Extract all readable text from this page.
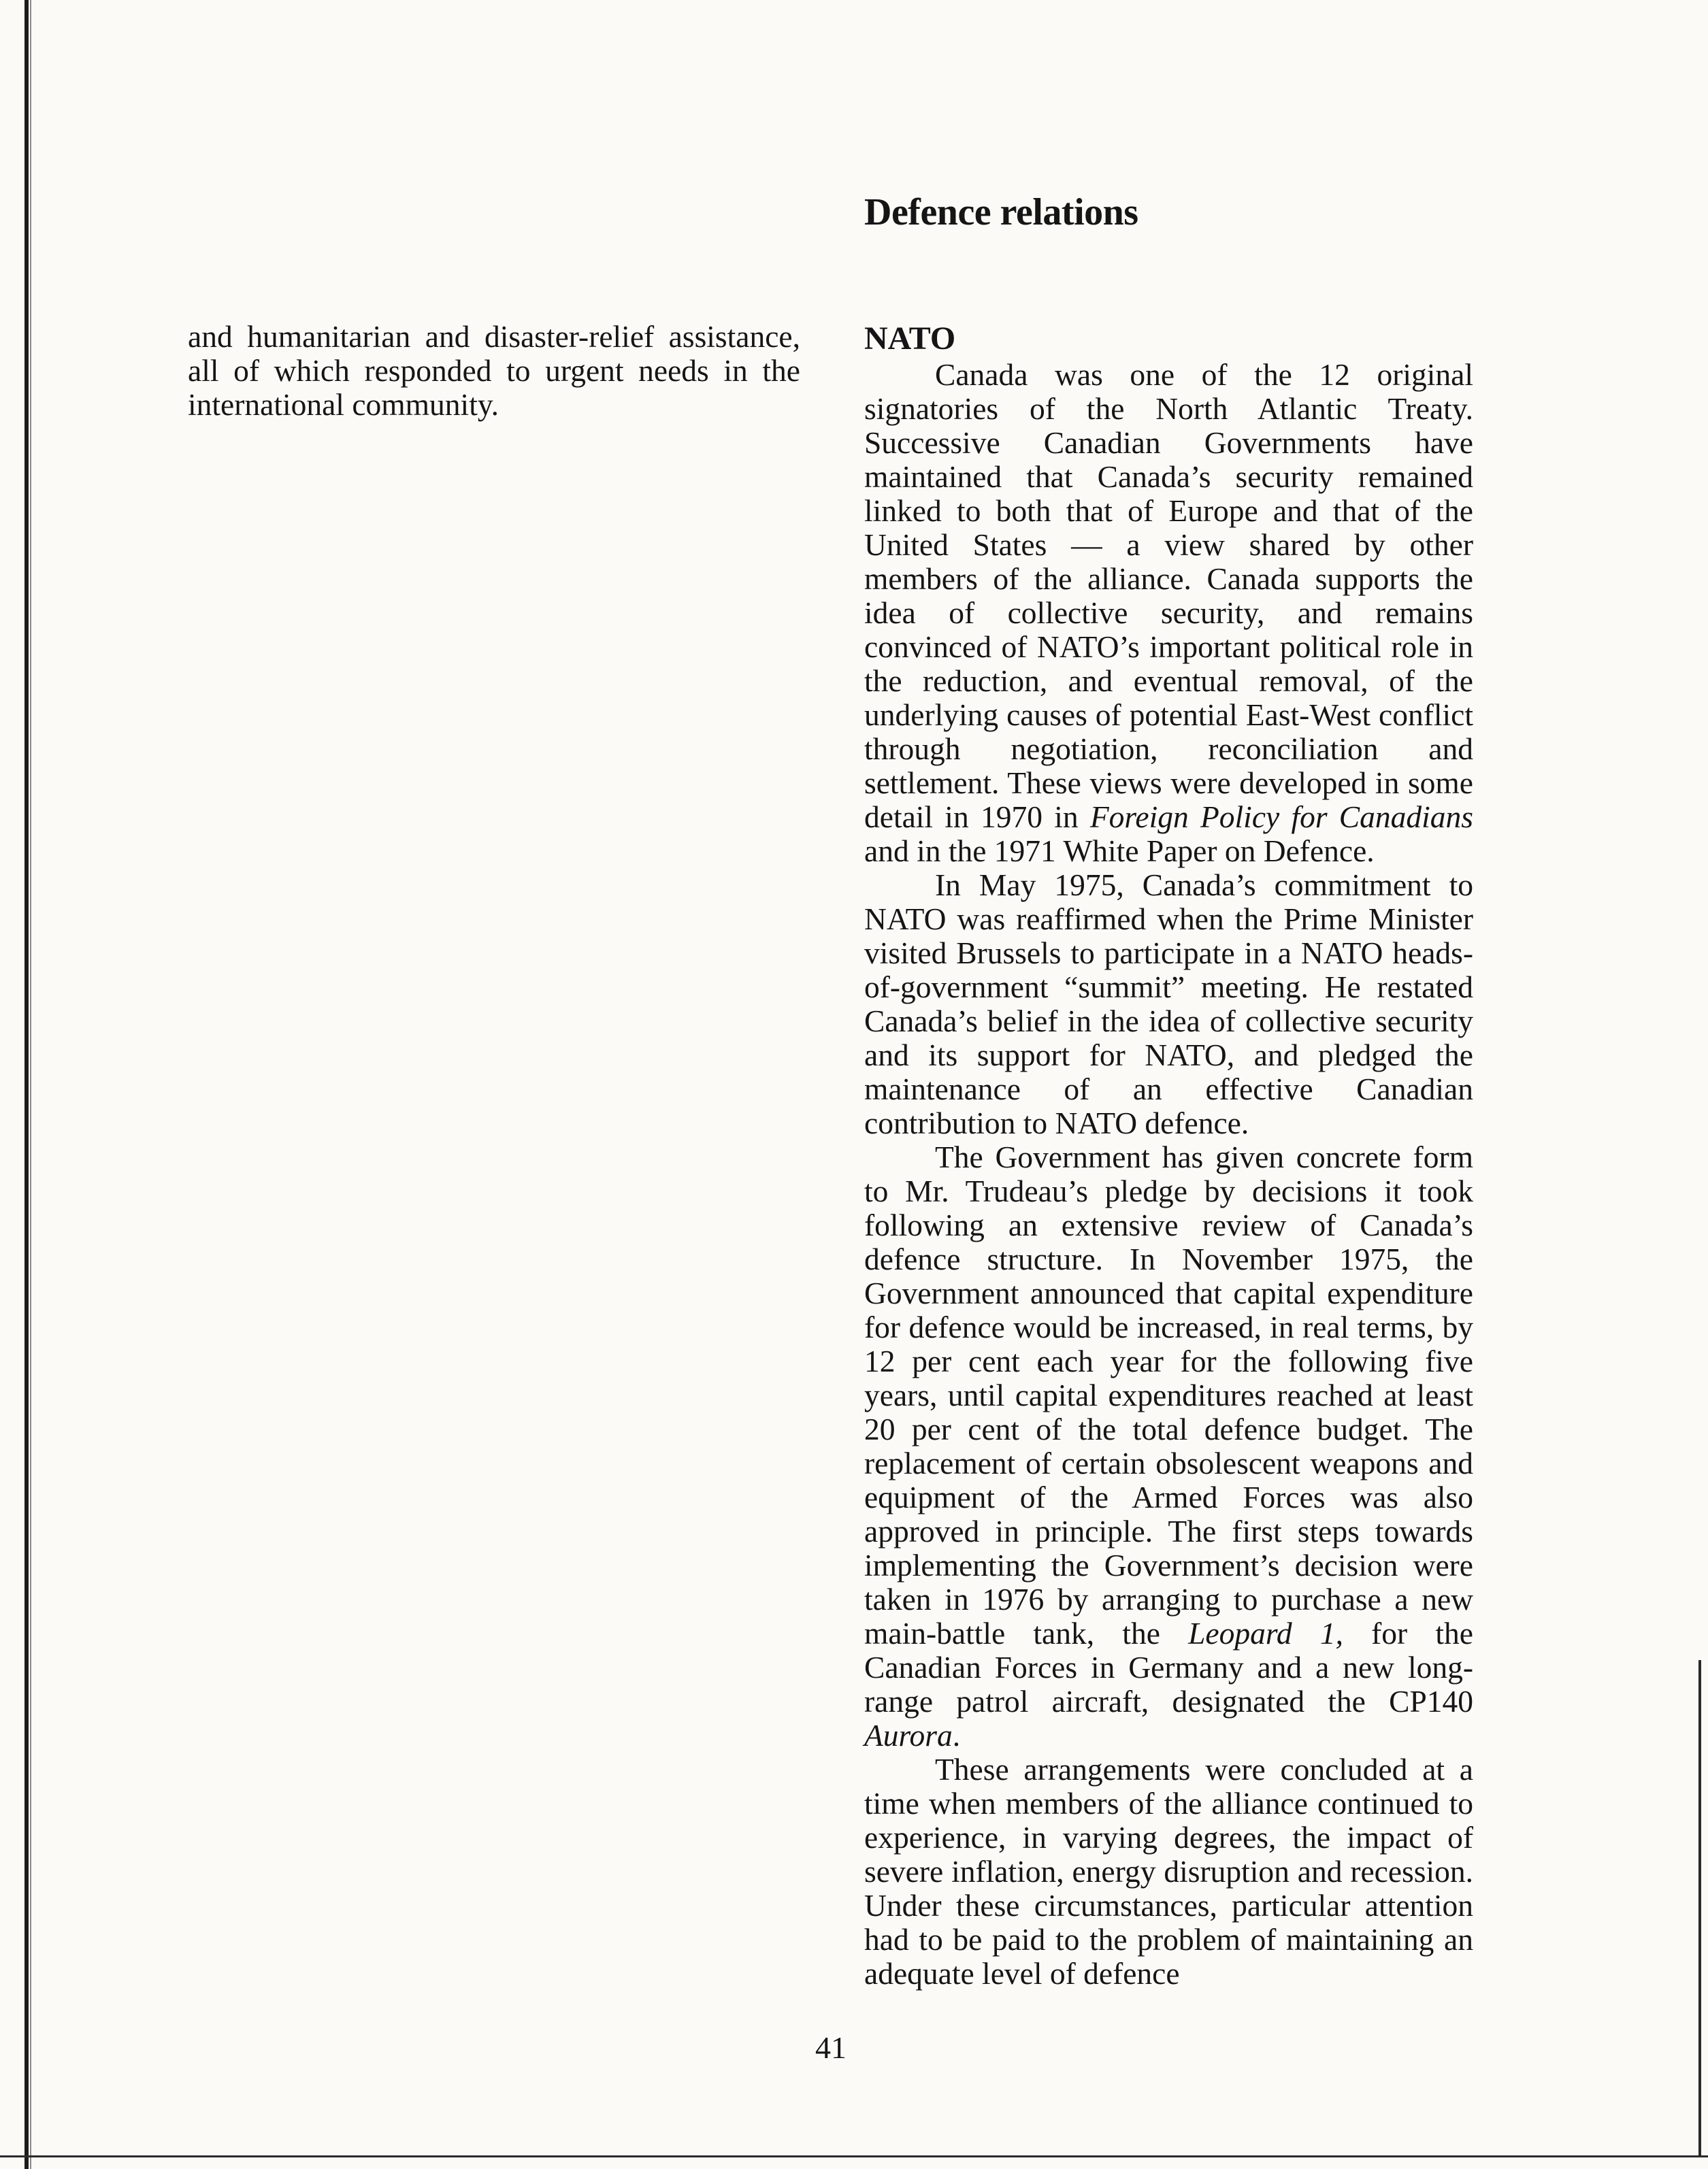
Defence relations

and humanitarian and disaster-relief assistance, all of which responded to urgent needs in the international community.

NATO

Canada was one of the 12 original signatories of the North Atlantic Treaty. Successive Canadian Governments have maintained that Canada’s security remained linked to both that of Europe and that of the United States — a view shared by other members of the alliance. Canada supports the idea of collective security, and remains convinced of NATO’s important political role in the reduction, and eventual removal, of the underlying causes of potential East-West conflict through negotiation, reconciliation and settlement. These views were developed in some detail in 1970 in Foreign Policy for Canadians and in the 1971 White Paper on Defence.

In May 1975, Canada’s commitment to NATO was reaffirmed when the Prime Minister visited Brussels to participate in a NATO heads-of-government “summit” meeting. He restated Canada’s belief in the idea of collective security and its support for NATO, and pledged the maintenance of an effective Canadian contribution to NATO defence.

The Government has given concrete form to Mr. Trudeau’s pledge by decisions it took following an extensive review of Canada’s defence structure. In November 1975, the Government announced that capital expenditure for defence would be increased, in real terms, by 12 per cent each year for the following five years, until capital expenditures reached at least 20 per cent of the total defence budget. The replacement of certain obsolescent weapons and equipment of the Armed Forces was also approved in principle. The first steps towards implementing the Government’s decision were taken in 1976 by arranging to purchase a new main-battle tank, the Leopard 1, for the Canadian Forces in Germany and a new long-range patrol aircraft, designated the CP140 Aurora.

These arrangements were concluded at a time when members of the alliance continued to experience, in varying degrees, the impact of severe inflation, energy disruption and recession. Under these circumstances, particular attention had to be paid to the problem of maintaining an adequate level of defence

41
